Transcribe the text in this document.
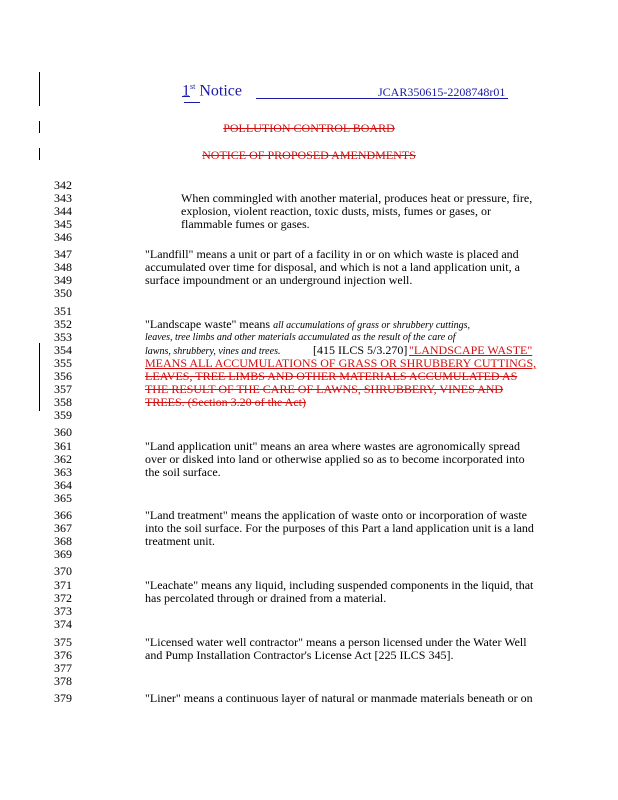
1st Notice	JCAR350615-2208748r01
POLLUTION CONTROL BOARD
NOTICE OF PROPOSED AMENDMENTS
342
343
344
345
346
347
348
349
350
351
352
353
354
355
356
357
358
359
360
361
362
363
364
365
366
367
368
369
370
371
372
373
374
375
376
377
378
379
When commingled with another material, produces heat or pressure, fire,
explosion, violent reaction, toxic dusts, mists, fumes or gases, or
flammable fumes or gases.
"Landfill" means a unit or part of a facility in or on which waste is placed and
accumulated over time for disposal, and which is not a land application unit, a
surface impoundment or an underground injection well.
"Landscape waste" means all accumulations of grass or shrubbery cuttings,
leaves, tree limbs and other materials accumulated as the result of the care of
lawns, shrubbery, vines and trees.	[415 ILCS 5/3.270] "LANDSCAPE WASTE"
MEANS ALL ACCUMULATIONS OF GRASS OR SHRUBBERY CUTTINGS,
LEAVES, TREE LIMBS AND OTHER MATERIALS ACCUMULATED AS
THE RESULT OF THE CARE OF LAWNS, SHRUBBERY, VINES AND
TREES. (Section 3.20 of the Act)
"Land application unit" means an area where wastes are agronomically spread
over or disked into land or otherwise applied so as to become incorporated into
the soil surface.
"Land treatment" means the application of waste onto or incorporation of waste
into the soil surface. For the purposes of this Part a land application unit is a land
treatment unit.
"Leachate" means any liquid, including suspended components in the liquid, that
has percolated through or drained from a material.
"Licensed water well contractor" means a person licensed under the Water Well
and Pump Installation Contractor's License Act [225 ILCS 345].
"Liner" means a continuous layer of natural or manmade materials beneath or on
